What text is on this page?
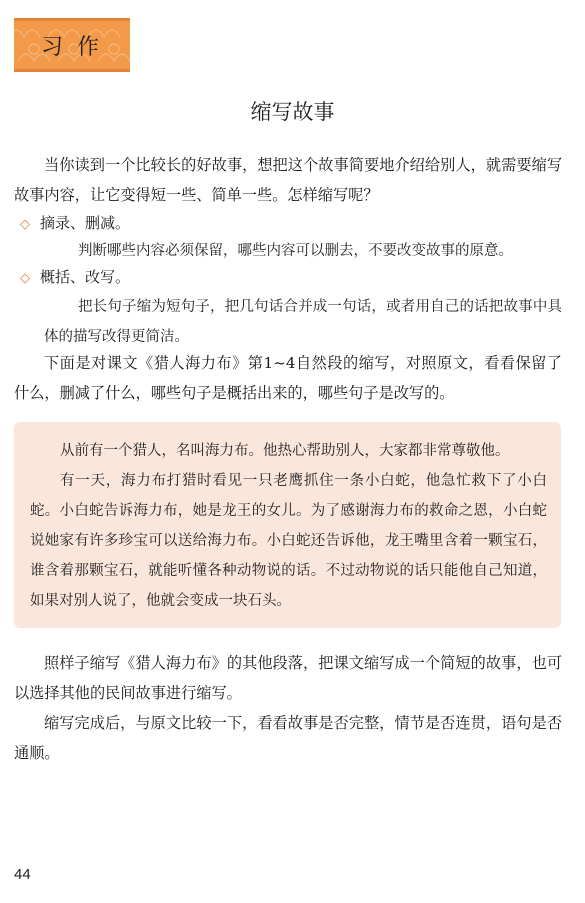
习作
缩写故事

当你读到一个比较长的好故事，想把这个故事简要地介绍给别人，就需要缩写故事内容，让它变得短一些、简单一些。怎样缩写呢？

◇ 摘录、删减。

判断哪些内容必须保留，哪些内容可以删去，不要改变故事的原意。

◇ 概括、改写。

把长句子缩为短句子，把几句话合并成一句话，或者用自己的话把故事中具体的描写改得更简洁。

下面是对课文《猎人海力布》第1~4自然段的缩写，对照原文，看看保留了什么，删减了什么，哪些句子是概括出来的，哪些句子是改写的。

从前有一个猎人，名叫海力布。他热心帮助别人，大家都非常尊敬他。

有一天，海力布打猎时看见一只老鹰抓住一条小白蛇，他急忙救下了小白蛇。小白蛇告诉海力布，她是龙王的女儿。为了感谢海力布的救命之恩，小白蛇说她家有许多珍宝可以送给海力布。小白蛇还告诉他，龙王嘴里含着一颗宝石，谁含着那颗宝石，就能听懂各种动物说的话。不过动物说的话只能他自己知道，如果对别人说了，他就会变成一块石头。

照样子缩写《猎人海力布》的其他段落，把课文缩写成一个简短的故事，也可以选择其他的民间故事进行缩写。

缩写完成后，与原文比较一下，看看故事是否完整，情节是否连贯，语句是否通顺。

44
